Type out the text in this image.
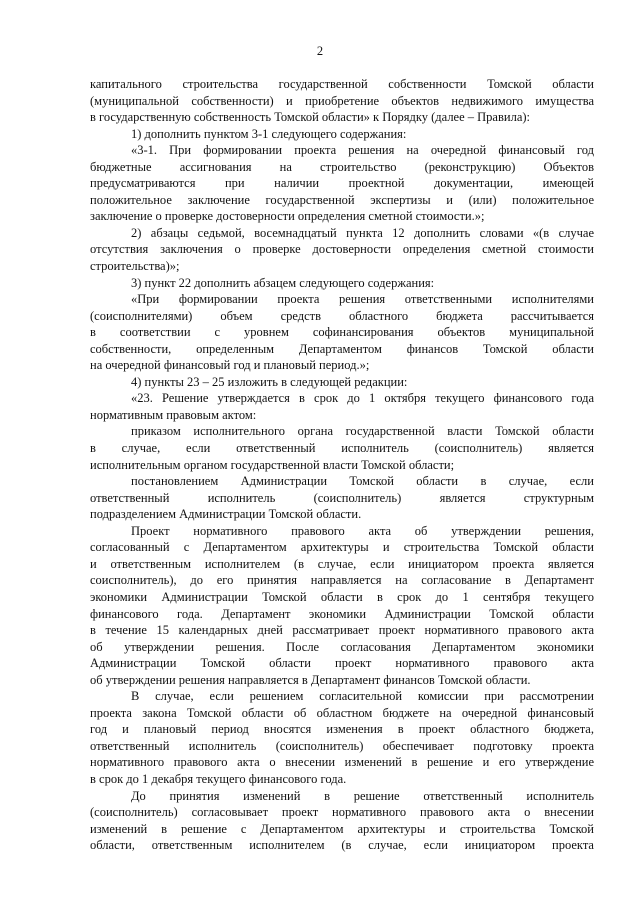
2

капитального строительства государственной собственности Томской области

(муниципальной собственности) и приобретение объектов недвижимого имущества

в государственную собственность Томской области» к Порядку (далее – Правила):

1) дополнить пунктом 3-1 следующего содержания:

«3-1. При формировании проекта решения на очередной финансовый год

бюджетные ассигнования на строительство (реконструкцию) Объектов

предусматриваются при наличии проектной документации, имеющей

положительное заключение государственной экспертизы и (или) положительное

заключение о проверке достоверности определения сметной стоимости.»;

2) абзацы седьмой, восемнадцатый пункта 12 дополнить словами «(в случае

отсутствия заключения о проверке достоверности определения сметной стоимости

строительства)»;

3) пункт 22 дополнить абзацем следующего содержания:

«При формировании проекта решения ответственными исполнителями

(соисполнителями) объем средств областного бюджета рассчитывается

в соответствии с уровнем софинансирования объектов муниципальной

собственности, определенным Департаментом финансов Томской области

на очередной финансовый год и плановый период.»;

4) пункты 23 – 25 изложить в следующей редакции:

«23. Решение утверждается в срок до 1 октября текущего финансового года

нормативным правовым актом:

приказом исполнительного органа государственной власти Томской области

в случае, если ответственный исполнитель (соисполнитель) является

исполнительным органом государственной власти Томской области;

постановлением Администрации Томской области в случае, если

ответственный исполнитель (соисполнитель) является структурным

подразделением Администрации Томской области.

Проект нормативного правового акта об утверждении решения,

согласованный с Департаментом архитектуры и строительства Томской области

и ответственным исполнителем (в случае, если инициатором проекта является

соисполнитель), до его принятия направляется на согласование в Департамент

экономики Администрации Томской области в срок до 1 сентября текущего

финансового года. Департамент экономики Администрации Томской области

в течение 15 календарных дней рассматривает проект нормативного правового акта

об утверждении решения. После согласования Департаментом экономики

Администрации Томской области проект нормативного правового акта

об утверждении решения направляется в Департамент финансов Томской области.

В случае, если решением согласительной комиссии при рассмотрении

проекта закона Томской области об областном бюджете на очередной финансовый

год и плановый период вносятся изменения в проект областного бюджета,

ответственный исполнитель (соисполнитель) обеспечивает подготовку проекта

нормативного правового акта о внесении изменений в решение и его утверждение

в срок до 1 декабря текущего финансового года.

До принятия изменений в решение ответственный исполнитель

(соисполнитель) согласовывает проект нормативного правового акта о внесении

изменений в решение с Департаментом архитектуры и строительства Томской

области, ответственным исполнителем (в случае, если инициатором проекта
